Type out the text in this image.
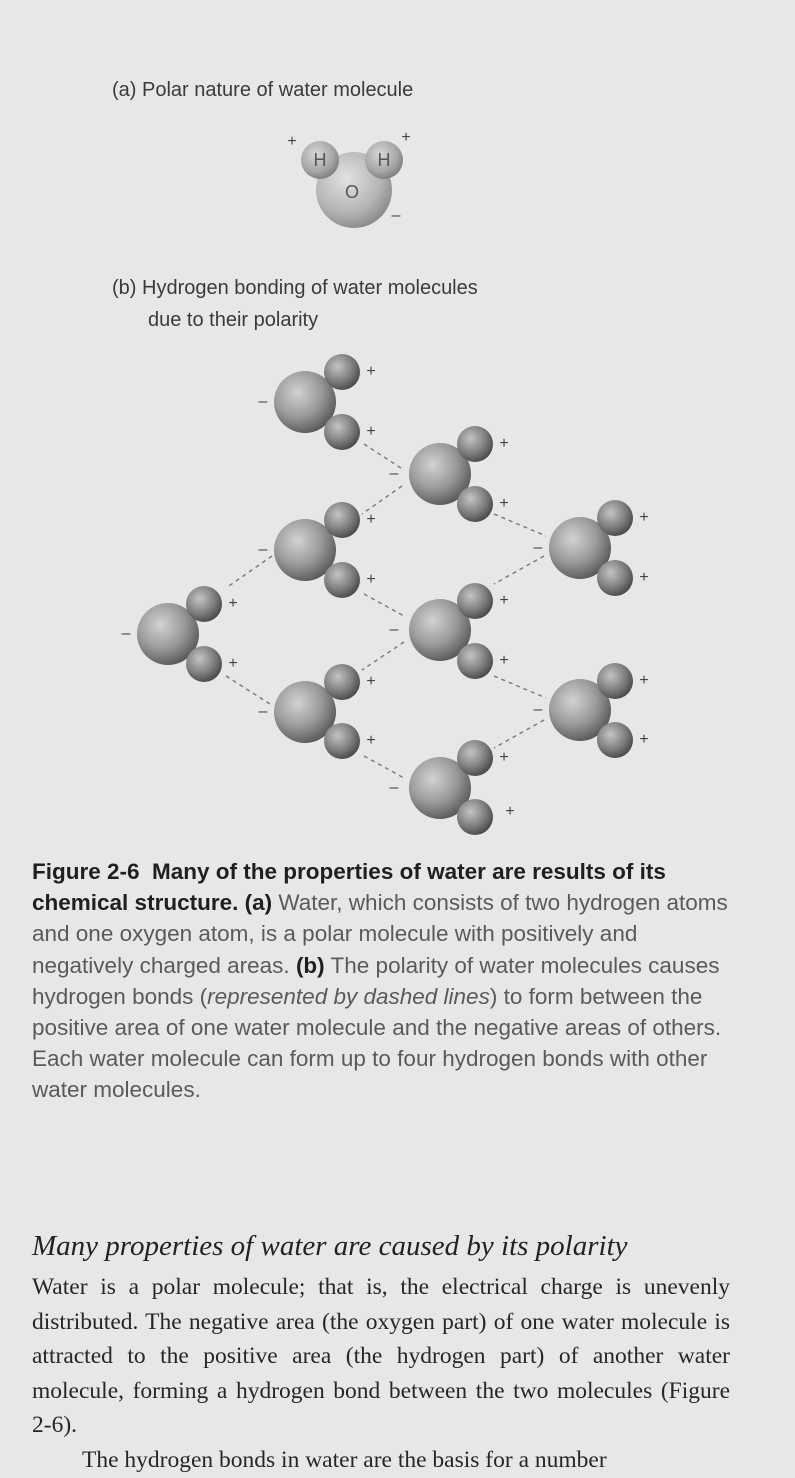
(a) Polar nature of water molecule
(b) Hydrogen bonding of water molecules
due to their polarity
H	H
O
+	+
–
+
+
–
+
+
–
+
+
–
+
+
–
+
+
–
+
+
–
+
+
–
+
+
–
+
+
–
Figure 2-6 Many of the properties of water are results of its chemical structure. (a) Water, which consists of two hydrogen atoms and one oxygen atom, is a polar molecule with positively and negatively charged areas. (b) The polarity of water molecules causes hydrogen bonds (represented by dashed lines) to form between the positive area of one water molecule and the negative areas of others. Each water molecule can form up to four hydrogen bonds with other water molecules.
Many properties of water are caused by its polarity

Water is a polar molecule; that is, the electrical charge is unevenly distributed. The negative area (the oxygen part) of one water molecule is attracted to the positive area (the hydrogen part) of another water molecule, forming a hydrogen bond between the two molecules (Figure 2-6).

The hydrogen bonds in water are the basis for a number
